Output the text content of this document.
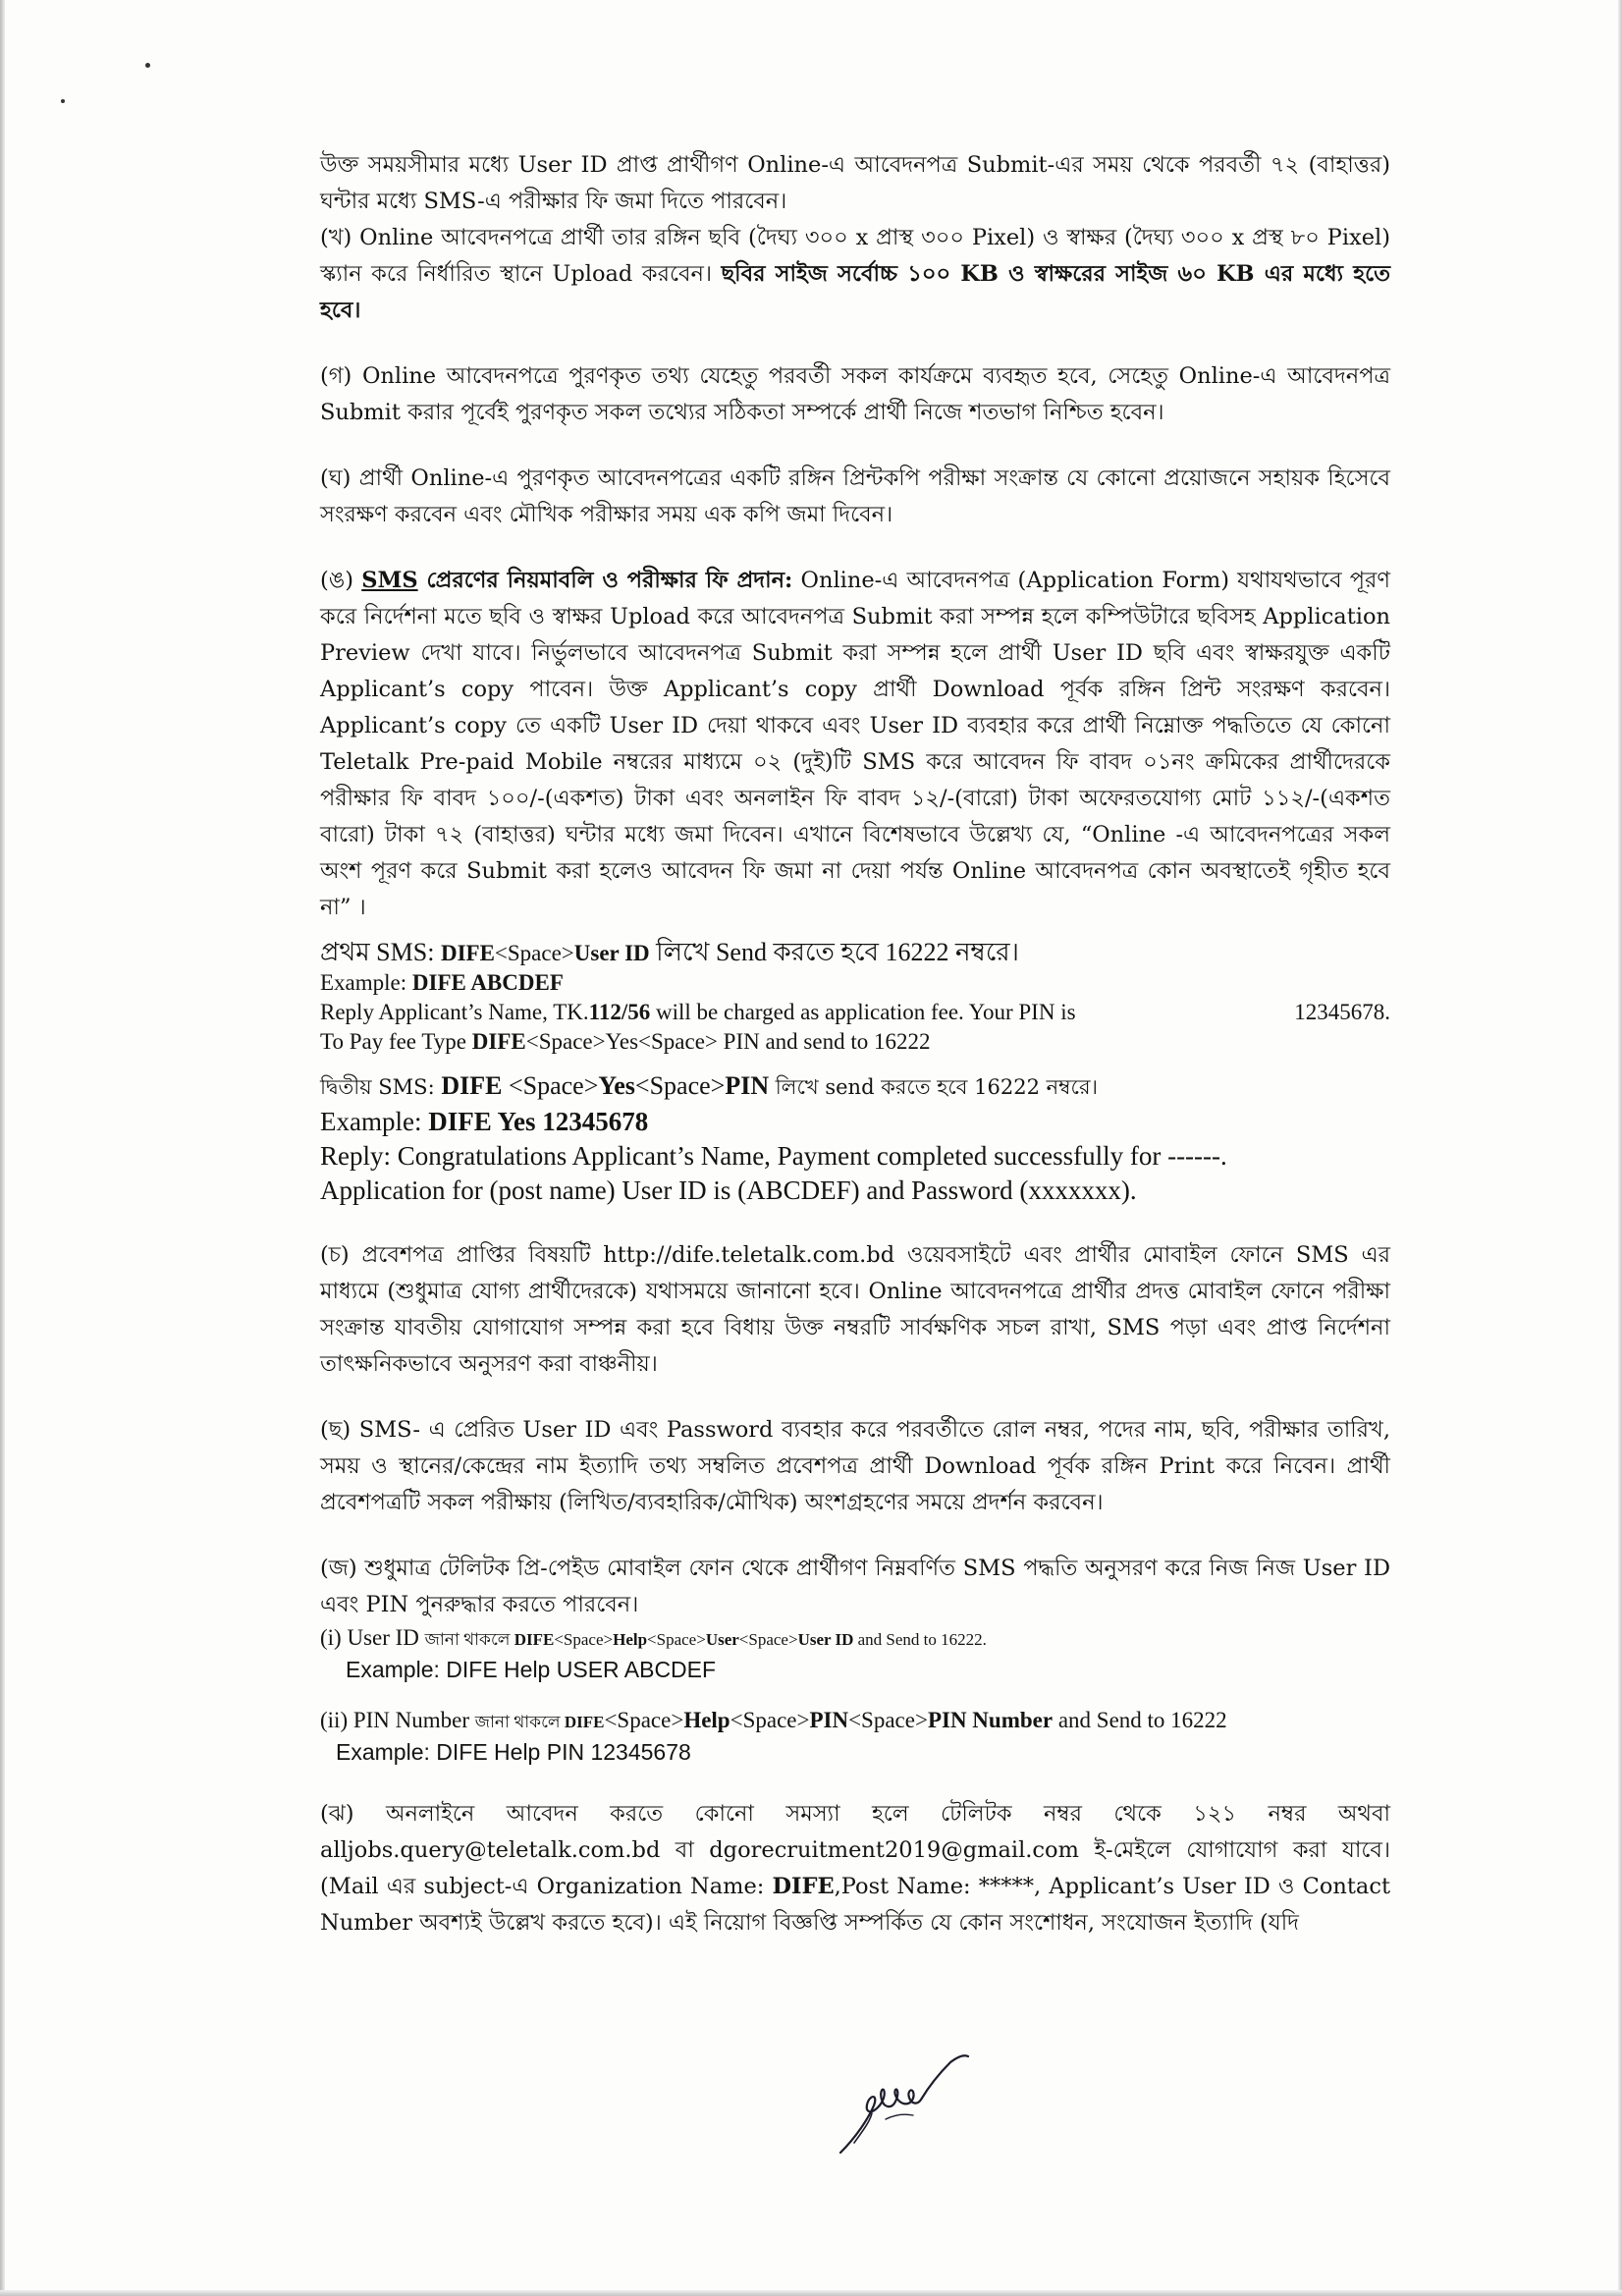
উক্ত সময়সীমার মধ্যে User ID প্রাপ্ত প্রার্থীগণ Online-এ আবেদনপত্র Submit-এর সময় থেকে পরবর্তী ৭২ (বাহাত্তর) ঘন্টার মধ্যে SMS-এ পরীক্ষার ফি জমা দিতে পারবেন।

(খ) Online আবেদনপত্রে প্রার্থী তার রঙ্গিন ছবি (দৈঘ্য ৩০০ x প্রাস্থ ৩০০ Pixel) ও স্বাক্ষর (দৈঘ্য ৩০০ x প্রস্থ ৮০ Pixel) স্ক্যান করে নির্ধারিত স্থানে Upload করবেন। ছবির সাইজ সর্বোচ্চ ১০০ KB ও স্বাক্ষরের সাইজ ৬০ KB এর মধ্যে হতে হবে।

(গ) Online আবেদনপত্রে পুরণকৃত তথ্য যেহেতু পরবর্তী সকল কার্যক্রমে ব্যবহৃত হবে, সেহেতু Online-এ আবেদনপত্র Submit করার পূর্বেই পুরণকৃত সকল তথ্যের সঠিকতা সম্পর্কে প্রার্থী নিজে শতভাগ নিশ্চিত হবেন।

(ঘ) প্রার্থী Online-এ পুরণকৃত আবেদনপত্রের একটি রঙ্গিন প্রিন্টকপি পরীক্ষা সংক্রান্ত যে কোনো প্রয়োজনে সহায়ক হিসেবে সংরক্ষণ করবেন এবং মৌখিক পরীক্ষার সময় এক কপি জমা দিবেন।

(ঙ) SMS প্রেরণের নিয়মাবলি ও পরীক্ষার ফি প্রদান: Online-এ আবেদনপত্র (Application Form) যথাযথভাবে পূরণ করে নির্দেশনা মতে ছবি ও স্বাক্ষর Upload করে আবেদনপত্র Submit করা সম্পন্ন হলে কম্পিউটারে ছবিসহ Application Preview দেখা যাবে। নির্ভুলভাবে আবেদনপত্র Submit করা সম্পন্ন হলে প্রার্থী User ID ছবি এবং স্বাক্ষরযুক্ত একটি Applicant’s copy পাবেন। উক্ত Applicant’s copy প্রার্থী Download পূর্বক রঙ্গিন প্রিন্ট সংরক্ষণ করবেন। Applicant’s copy তে একটি User ID দেয়া থাকবে এবং User ID ব্যবহার করে প্রার্থী নিম্নোক্ত পদ্ধতিতে যে কোনো Teletalk Pre-paid Mobile নম্বরের মাধ্যমে ০২ (দুই)টি SMS করে আবেদন ফি বাবদ ০১নং ক্রমিকের প্রার্থীদেরকে পরীক্ষার ফি বাবদ ১০০/-(একশত) টাকা এবং অনলাইন ফি বাবদ ১২/-(বারো) টাকা অফেরতযোগ্য মোট ১১২/-(একশত বারো) টাকা ৭২ (বাহাত্তর) ঘন্টার মধ্যে জমা দিবেন। এখানে বিশেষভাবে উল্লেখ্য যে, “Online -এ আবেদনপত্রের সকল অংশ পূরণ করে Submit করা হলেও আবেদন ফি জমা না দেয়া পর্যন্ত Online আবেদনপত্র কোন অবস্থাতেই গৃহীত হবে না” ।

প্রথম SMS: DIFE<Space>User ID লিখে Send করতে হবে 16222 নম্বরে।
Example: DIFE ABCDEF
Reply Applicant’s Name, TK.112/56 will be charged as application fee. Your PIN is	12345678.
To Pay fee Type DIFE<Space>Yes<Space> PIN and send to 16222
দ্বিতীয় SMS: DIFE <Space>Yes<Space>PIN লিখে send করতে হবে 16222 নম্বরে।
Example: DIFE Yes 12345678
Reply: Congratulations Applicant’s Name, Payment completed successfully for ------.
Application for (post name) User ID is (ABCDEF) and Password (xxxxxxx).

(চ) প্রবেশপত্র প্রাপ্তির বিষয়টি http://dife.teletalk.com.bd ওয়েবসাইটে এবং প্রার্থীর মোবাইল ফোনে SMS এর মাধ্যমে (শুধুমাত্র যোগ্য প্রার্থীদেরকে) যথাসময়ে জানানো হবে। Online আবেদনপত্রে প্রার্থীর প্রদত্ত মোবাইল ফোনে পরীক্ষা সংক্রান্ত যাবতীয় যোগাযোগ সম্পন্ন করা হবে বিধায় উক্ত নম্বরটি সার্বক্ষণিক সচল রাখা, SMS পড়া এবং প্রাপ্ত নির্দেশনা তাৎক্ষনিকভাবে অনুসরণ করা বাঞ্চনীয়।

(ছ) SMS- এ প্রেরিত User ID এবং Password ব্যবহার করে পরবর্তীতে রোল নম্বর, পদের নাম, ছবি, পরীক্ষার তারিখ, সময় ও স্থানের/কেন্দ্রের নাম ইত্যাদি তথ্য সম্বলিত প্রবেশপত্র প্রার্থী Download পূর্বক রঙ্গিন Print করে নিবেন। প্রার্থী প্রবেশপত্রটি সকল পরীক্ষায় (লিখিত/ব্যবহারিক/মৌখিক) অংশগ্রহণের সময়ে প্রদর্শন করবেন।

(জ) শুধুমাত্র টেলিটক প্রি-পেইড মোবাইল ফোন থেকে প্রার্থীগণ নিম্নবর্ণিত SMS পদ্ধতি অনুসরণ করে নিজ নিজ User ID এবং PIN পুনরুদ্ধার করতে পারবেন।

(i) User ID জানা থাকলে DIFE<Space>Help<Space>User<Space>User ID and Send to 16222.
Example: DIFE Help USER ABCDEF
(ii) PIN Number জানা থাকলে DIFE<Space>Help<Space>PIN<Space>PIN Number and Send to 16222
Example: DIFE Help PIN 12345678

(ঝ) অনলাইনে আবেদন করতে কোনো সমস্যা হলে টেলিটক নম্বর থেকে ১২১ নম্বর অথবা alljobs.query@teletalk.com.bd বা dgorecruitment2019@gmail.com ই-মেইলে যোগাযোগ করা যাবে। (Mail এর subject-এ Organization Name: DIFE,Post Name: *****, Applicant’s User ID ও Contact Number অবশ্যই উল্লেখ করতে হবে)। এই নিয়োগ বিজ্ঞপ্তি সম্পর্কিত যে কোন সংশোধন, সংযোজন ইত্যাদি (যদি
